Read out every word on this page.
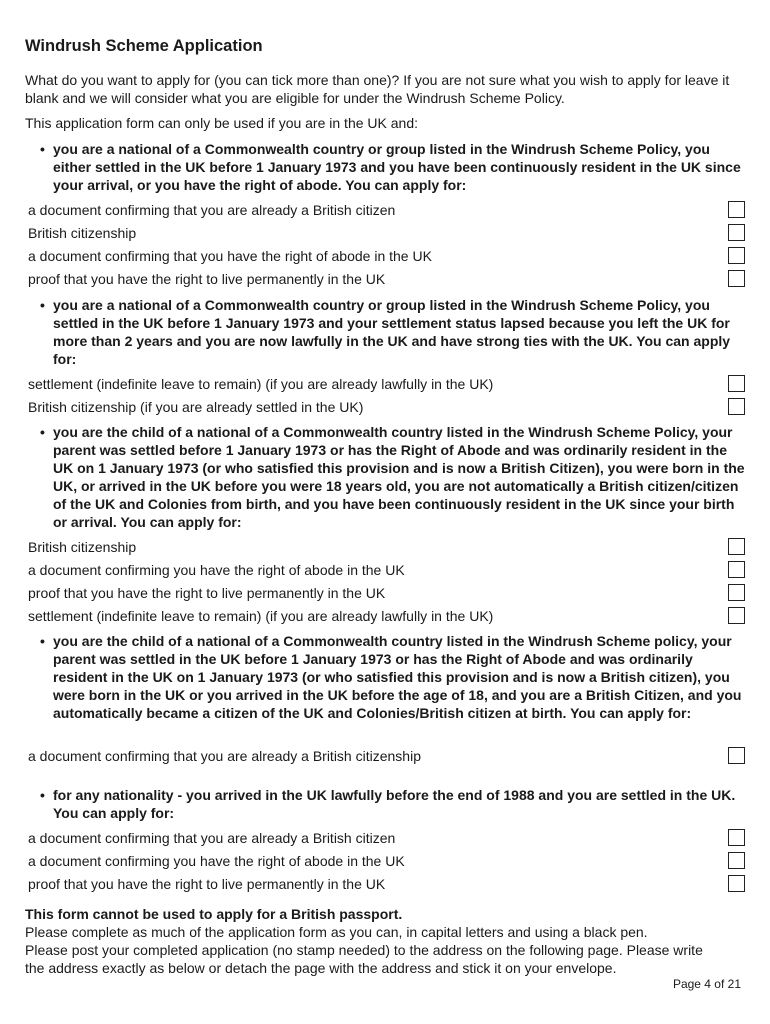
Windrush Scheme Application
What do you want to apply for (you can tick more than one)? If you are not sure what you wish to apply for leave it blank and we will consider what you are eligible for under the Windrush Scheme Policy.
This application form can only be used if you are in the UK and:
• you are a national of a Commonwealth country or group listed in the Windrush Scheme Policy, you either settled in the UK before 1 January 1973 and you have been continuously resident in the UK since your arrival, or you have the right of abode. You can apply for:
a document confirming that you are already a British citizen
British citizenship
a document confirming that you have the right of abode in the UK
proof that you have the right to live permanently in the UK
• you are a national of a Commonwealth country or group listed in the Windrush Scheme Policy, you settled in the UK before 1 January 1973 and your settlement status lapsed because you left the UK for more than 2 years and you are now lawfully in the UK and have strong ties with the UK. You can apply for:
settlement (indefinite leave to remain) (if you are already lawfully in the UK)
British citizenship (if you are already settled in the UK)
• you are the child of a national of a Commonwealth country listed in the Windrush Scheme Policy, your parent was settled before 1 January 1973 or has the Right of Abode and was ordinarily resident in the UK on 1 January 1973 (or who satisfied this provision and is now a British Citizen), you were born in the UK, or arrived in the UK before you were 18 years old, you are not automatically a British citizen/citizen of the UK and Colonies from birth, and you have been continuously resident in the UK since your birth or arrival. You can apply for:
British citizenship
a document confirming you have the right of abode in the UK
proof that you have the right to live permanently in the UK
settlement (indefinite leave to remain) (if you are already lawfully in the UK)
• you are the child of a national of a Commonwealth country listed in the Windrush Scheme policy, your parent was settled in the UK before 1 January 1973 or has the Right of Abode and was ordinarily resident in the UK on 1 January 1973 (or who satisfied this provision and is now a British citizen), you were born in the UK or you arrived in the UK before the age of 18, and you are a British Citizen, and you automatically became a citizen of the UK and Colonies/British citizen at birth. You can apply for:
a document confirming that you are already a British citizenship
• for any nationality - you arrived in the UK lawfully before the end of 1988 and you are settled in the UK. You can apply for:
a document confirming that you are already a British citizen
a document confirming you have the right of abode in the UK
proof that you have the right to live permanently in the UK
This form cannot be used to apply for a British passport.
Please complete as much of the application form as you can, in capital letters and using a black pen.
Please post your completed application (no stamp needed) to the address on the following page. Please write the address exactly as below or detach the page with the address and stick it on your envelope.
Page 4 of 21
